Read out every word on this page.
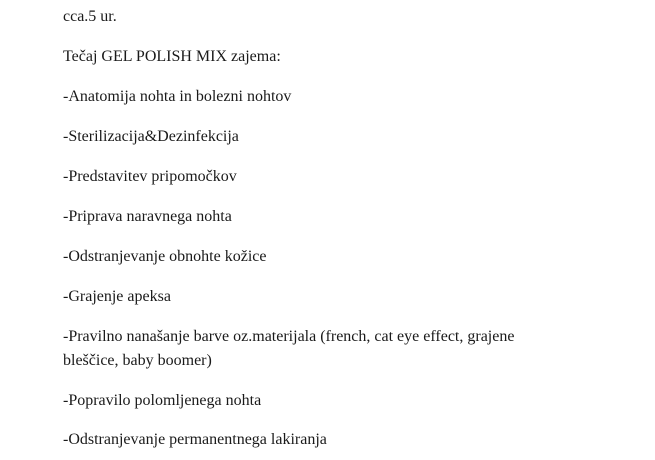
cca.5 ur.
Tečaj GEL POLISH MIX zajema:
-Anatomija nohta in bolezni nohtov
-Sterilizacija&Dezinfekcija
-Predstavitev pripomočkov
-Priprava naravnega nohta
-Odstranjevanje obnohte kožice
-Grajenje apeksa
-Pravilno nanašanje barve oz.materijala (french, cat eye effect, grajene
bleščice, baby boomer)
-Popravilo polomljenega nohta
-Odstranjevanje permanentnega lakiranja
